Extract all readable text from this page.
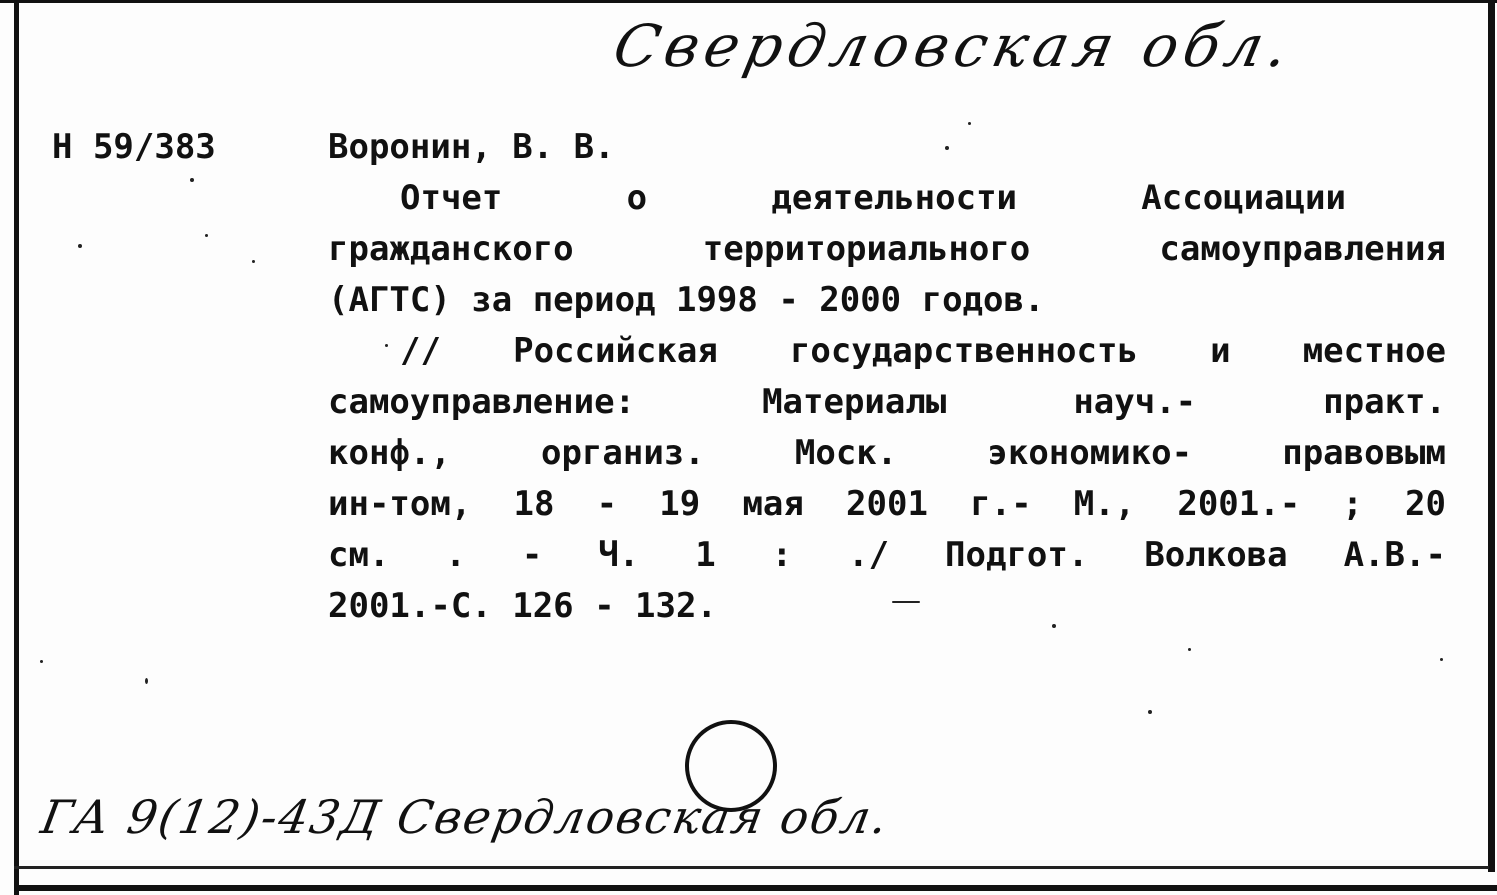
Свердловская обл.
Н 59/383	Воронин, В. В.
Отчет	о	деятельности	Ассоциации
гражданского	территориального	самоуправления
(АГТС) за период 1998 - 2000 годов.
// Российская государственность и местное
самоуправление:	Материалы	науч.-	практ.
конф.,	организ.	Моск.	экономико-	правовым
ин-том, 18 - 19 мая 2001 г.- М., 2001.- ; 20
см. . - Ч. 1 : ./ Подгот. Волкова А.В.-
2001.-С. 126 - 132.
ГА 9(12)-43Д Свердловская обл.
